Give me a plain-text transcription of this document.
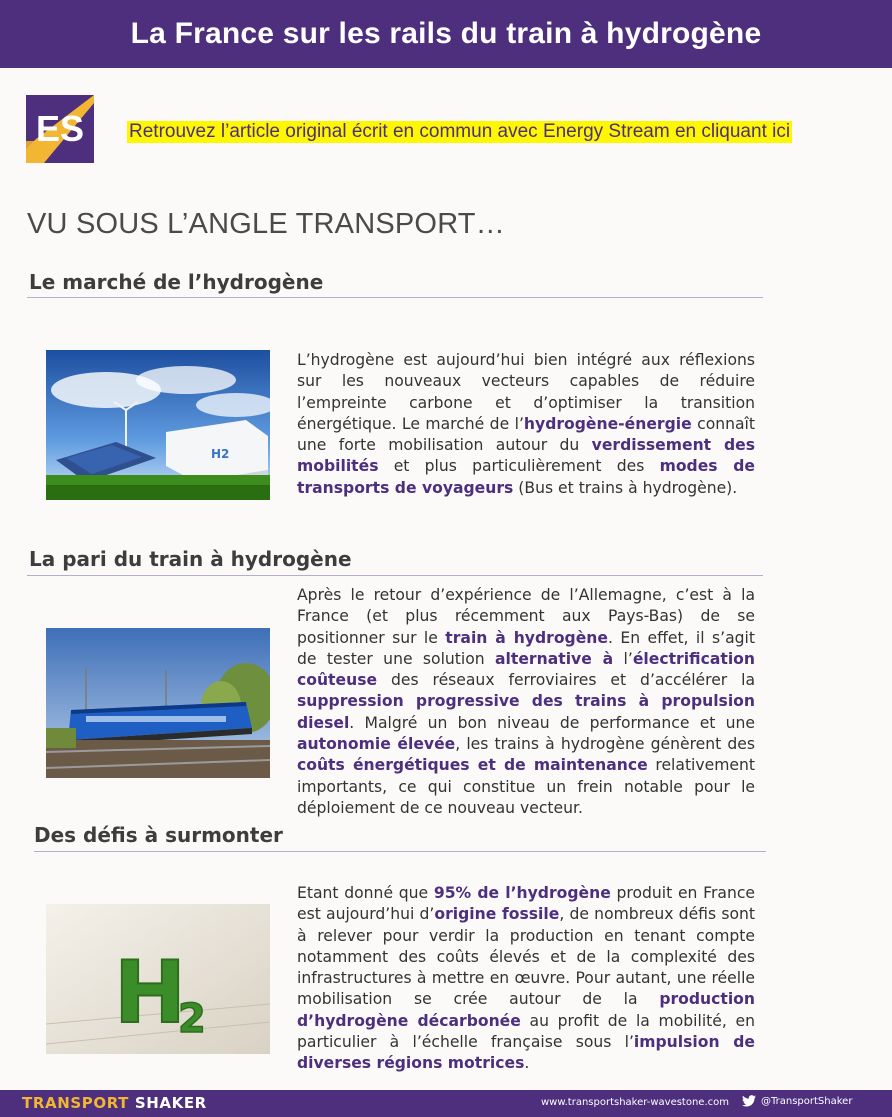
La France sur les rails du train à hydrogène
ES Retrouvez l’article original écrit en commun avec Energy Stream en cliquant ici
VU SOUS L’ANGLE TRANSPORT…
Le marché de l’hydrogène
H2

L’hydrogène est aujourd’hui bien intégré aux réflexions sur les nouveaux vecteurs capables de réduire l’empreinte carbone et d’optimiser la transition énergétique. Le marché de l’hydrogène-énergie connaît une forte mobilisation autour du verdissement des mobilités et plus particulièrement des modes de transports de voyageurs (Bus et trains à hydrogène).

La pari du train à hydrogène

Après le retour d’expérience de l’Allemagne, c’est à la France (et plus récemment aux Pays-Bas) de se positionner sur le train à hydrogène. En effet, il s’agit de tester une solution alternative à l’électrification coûteuse des réseaux ferroviaires et d’accélérer la suppression progressive des trains à propulsion diesel. Malgré un bon niveau de performance et une autonomie élevée, les trains à hydrogène génèrent des coûts énergétiques et de maintenance relativement importants, ce qui constitue un frein notable pour le déploiement de ce nouveau vecteur.

Des défis à surmonter
H
2

Etant donné que 95% de l’hydrogène produit en France est aujourd’hui d’origine fossile, de nombreux défis sont à relever pour verdir la production en tenant compte notamment des coûts élevés et de la complexité des infrastructures à mettre en œuvre. Pour autant, une réelle mobilisation se crée autour de la production d’hydrogène décarbonée au profit de la mobilité, en particulier à l’échelle française sous l’impulsion de diverses régions motrices.

TRANSPORT SHAKER	www.transportshaker-wavestone.com	@TransportShaker
